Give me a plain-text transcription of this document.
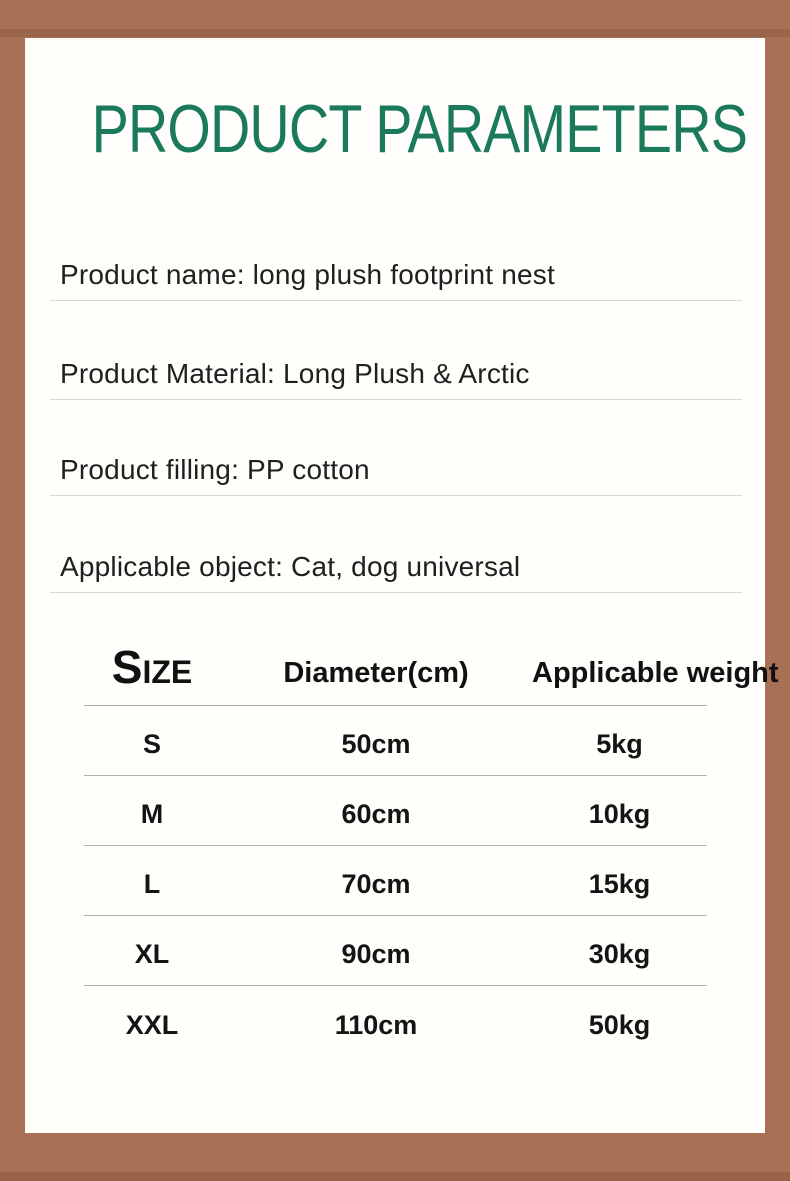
PRODUCT PARAMETERS
Product name: long plush footprint nest
Product Material: Long Plush & Arctic
Product filling: PP cotton
Applicable object: Cat, dog universal
Size	Diameter(cm)	Applicable weight
S	50cm	5kg
M	60cm	10kg
L	70cm	15kg
XL	90cm	30kg
XXL	110cm	50kg
